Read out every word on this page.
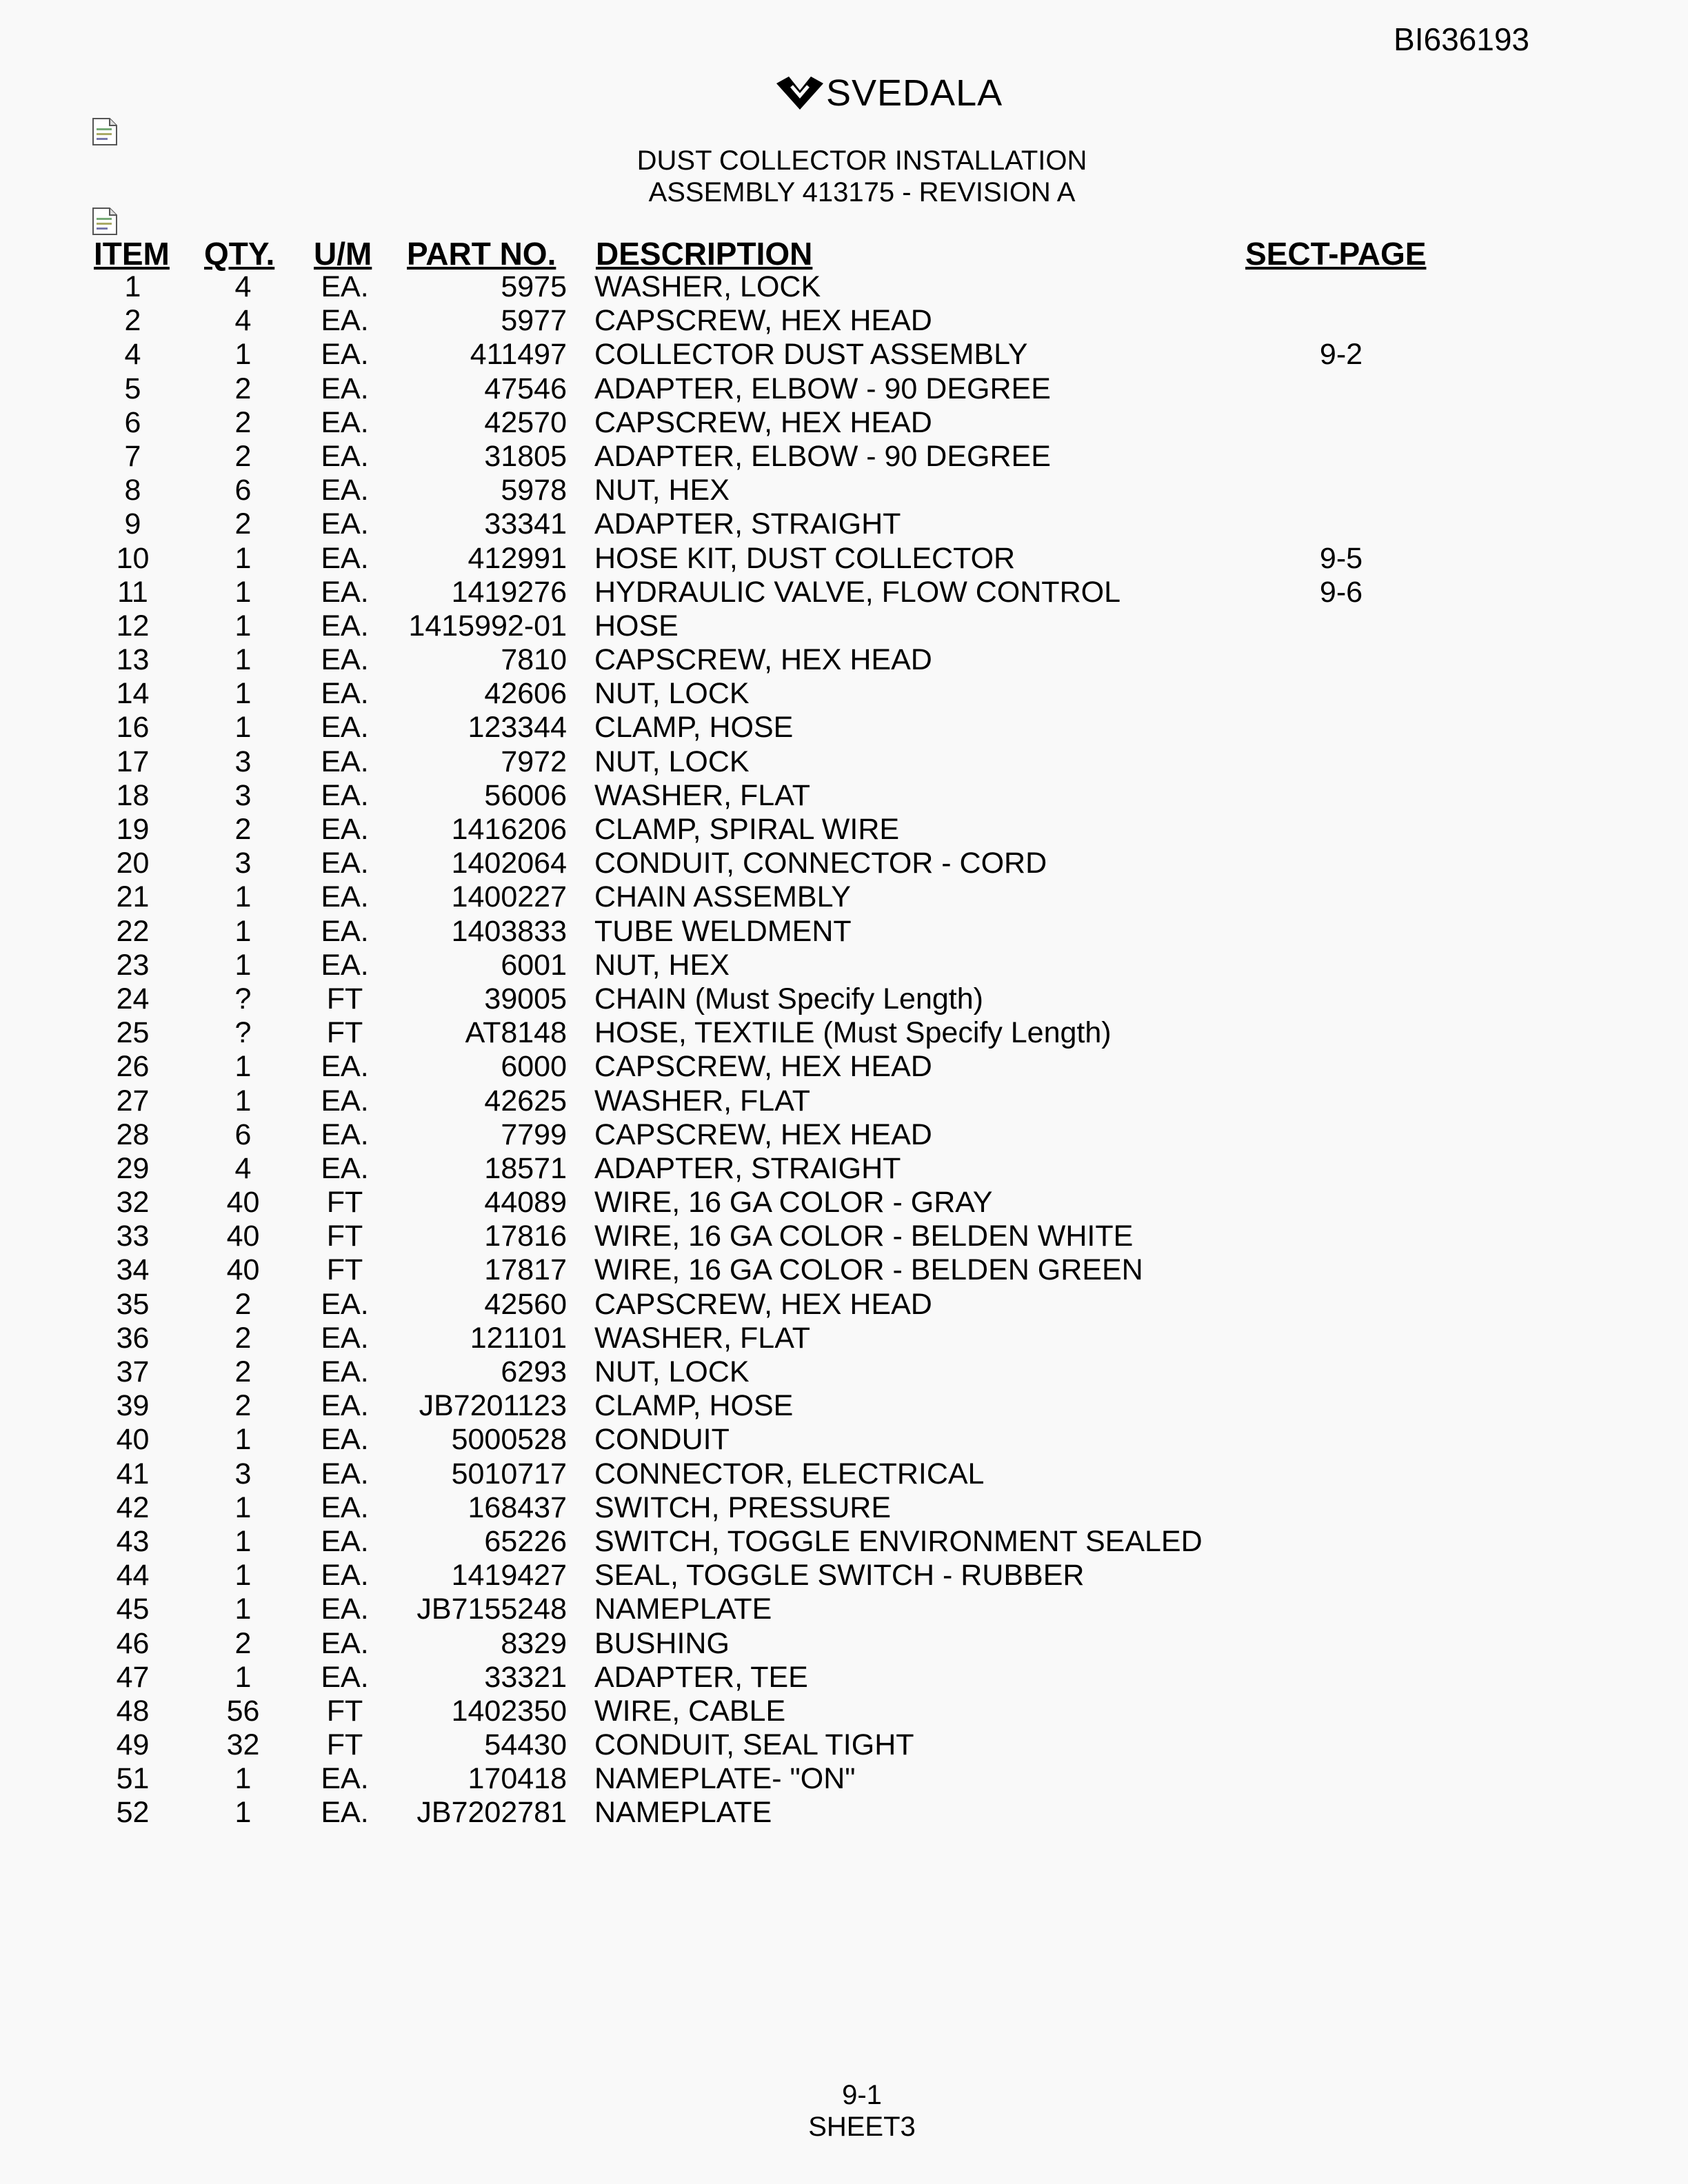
BI636193
SVEDALA
DUST COLLECTOR INSTALLATION
ASSEMBLY 413175 - REVISION A
ITEM QTY. U/M PART NO. DESCRIPTION	SECT-PAGE
1	4	EA.	5975 WASHER, LOCK
2	4	EA.	5977 CAPSCREW, HEX HEAD
4	1	EA.	411497 COLLECTOR DUST ASSEMBLY	9-2
5	2	EA.	47546 ADAPTER, ELBOW - 90 DEGREE
6	2	EA.	42570 CAPSCREW, HEX HEAD
7	2	EA.	31805 ADAPTER, ELBOW - 90 DEGREE
8	6	EA.	5978 NUT, HEX
9	2	EA.	33341 ADAPTER, STRAIGHT
10	1	EA.	412991 HOSE KIT, DUST COLLECTOR	9-5
11	1	EA.	1419276 HYDRAULIC VALVE, FLOW CONTROL	9-6
12	1	EA.	1415992-01 HOSE
13	1	EA.	7810 CAPSCREW, HEX HEAD
14	1	EA.	42606 NUT, LOCK
16	1	EA.	123344 CLAMP, HOSE
17	3	EA.	7972 NUT, LOCK
18	3	EA.	56006 WASHER, FLAT
19	2	EA.	1416206 CLAMP, SPIRAL WIRE
20	3	EA.	1402064 CONDUIT, CONNECTOR - CORD
21	1	EA.	1400227 CHAIN ASSEMBLY
22	1	EA.	1403833 TUBE WELDMENT
23	1	EA.	6001 NUT, HEX
24	?	FT	39005 CHAIN (Must Specify Length)
25	?	FT	AT8148 HOSE, TEXTILE (Must Specify Length)
26	1	EA.	6000 CAPSCREW, HEX HEAD
27	1	EA.	42625 WASHER, FLAT
28	6	EA.	7799 CAPSCREW, HEX HEAD
29	4	EA.	18571 ADAPTER, STRAIGHT
32	40	FT	44089 WIRE, 16 GA COLOR - GRAY
33	40	FT	17816 WIRE, 16 GA COLOR - BELDEN WHITE
34	40	FT	17817 WIRE, 16 GA COLOR - BELDEN GREEN
35	2	EA.	42560 CAPSCREW, HEX HEAD
36	2	EA.	121101 WASHER, FLAT
37	2	EA.	6293 NUT, LOCK
39	2	EA.	JB7201123 CLAMP, HOSE
40	1	EA.	5000528 CONDUIT
41	3	EA.	5010717 CONNECTOR, ELECTRICAL
42	1	EA.	168437 SWITCH, PRESSURE
43	1	EA.	65226 SWITCH, TOGGLE ENVIRONMENT SEALED
44	1	EA.	1419427 SEAL, TOGGLE SWITCH - RUBBER
45	1	EA.	JB7155248 NAMEPLATE
46	2	EA.	8329 BUSHING
47	1	EA.	33321 ADAPTER, TEE
48	56	FT	1402350 WIRE, CABLE
49	32	FT	54430 CONDUIT, SEAL TIGHT
51	1	EA.	170418 NAMEPLATE- "ON"
52	1	EA.	JB7202781 NAMEPLATE
9-1
SHEET3
